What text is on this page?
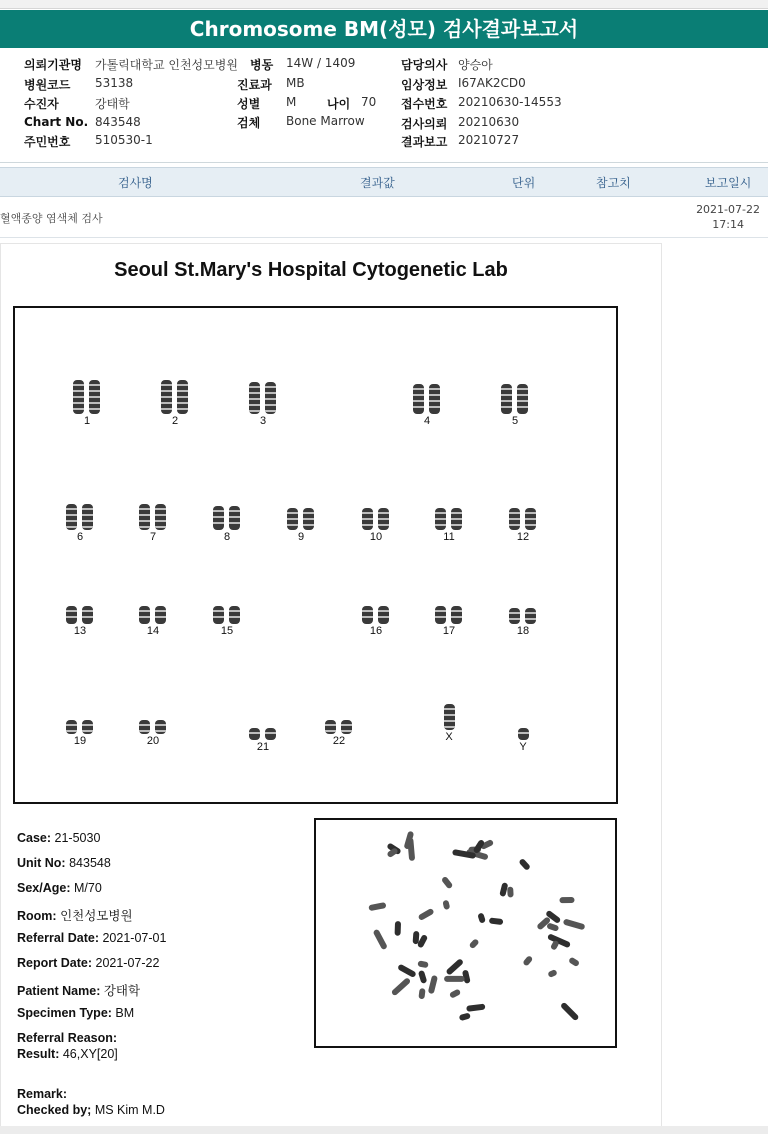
Chromosome BM(성모) 검사결과보고서
의뢰기관명 가톨릭대학교 인천성모병원 병동 14W / 1409	담당의사 양승아
병원코드 53138	진료과 MB	임상정보 I67AK2CD0
수진자	강태학	성별 M	나이 70 접수번호 20210630-14553
Chart No. 843548	검체 Bone Marrow	검사의뢰 20210630
주민번호 510530-1	결과보고 20210727
검사명	결과값	단위	참고치	보고일시
혈액종양 염색체 검사
2021-07-22
17:14
Seoul St.Mary's Hospital Cytogenetic Lab
1	2	3	4	5
6	7	8	9	10	11	12
13	14	15	16	17	18
19	20	21	22	X
Y
Case: 21-5030
Unit No: 843548
Sex/Age: M/70
Room: 인천성모병원
Referral Date: 2021-07-01
Report Date: 2021-07-22
Patient Name: 강태학
Specimen Type: BM
Referral Reason:
Result: 46,XY[20]
Remark:
Checked by; MS Kim M.D
